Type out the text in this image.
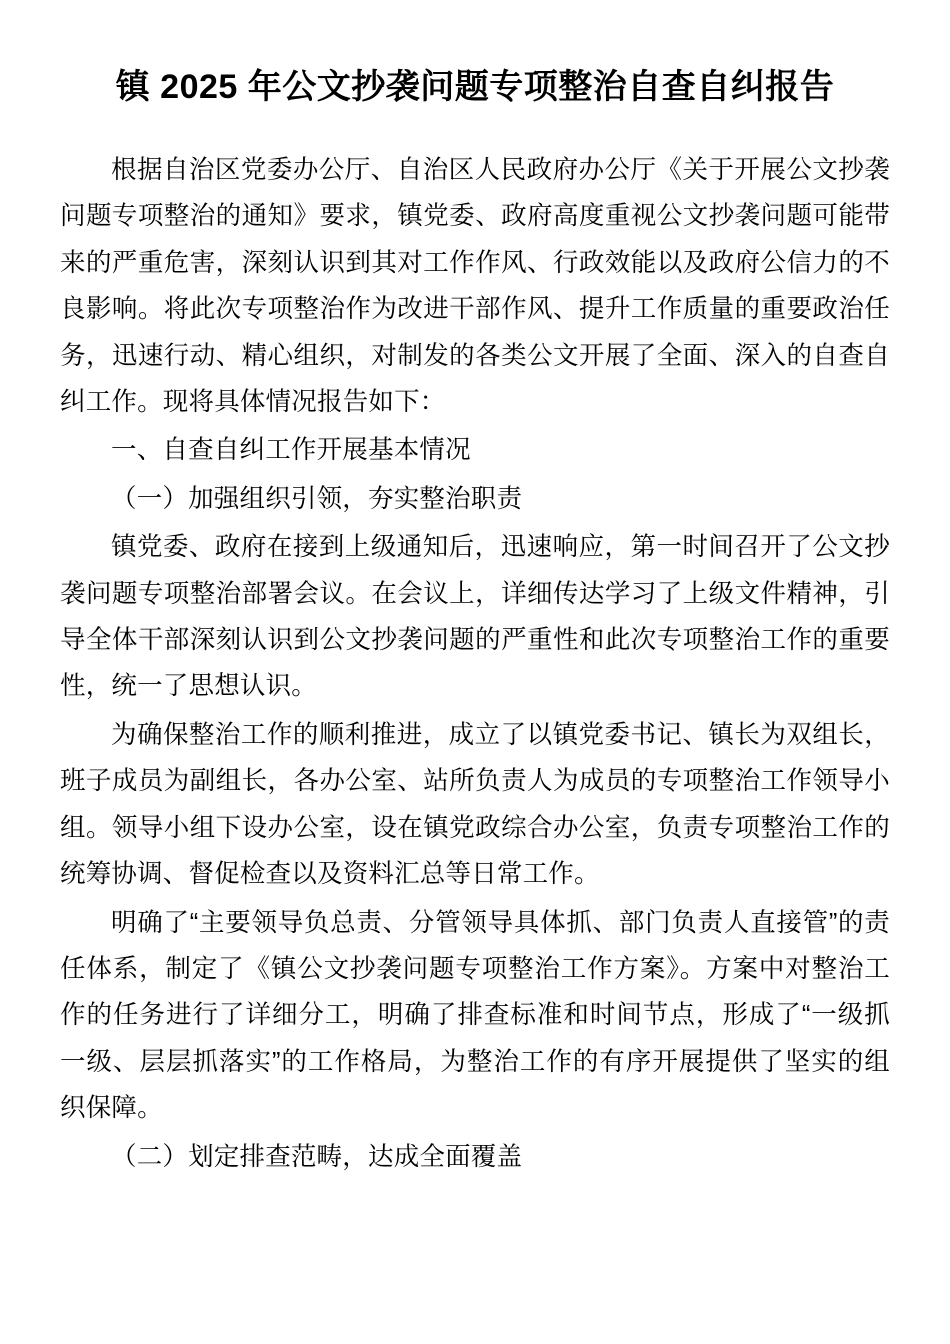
镇 2025 年公文抄袭问题专项整治自查自纠报告

根据自治区党委办公厅、自治区人民政府办公厅《关于开展公文抄袭问题专项整治的通知》要求，镇党委、政府高度重视公文抄袭问题可能带来的严重危害，深刻认识到其对工作作风、行政效能以及政府公信力的不良影响。将此次专项整治作为改进干部作风、提升工作质量的重要政治任务，迅速行动、精心组织，对制发的各类公文开展了全面、深入的自查自纠工作。现将具体情况报告如下：

一、自查自纠工作开展基本情况

（一）加强组织引领，夯实整治职责

镇党委、政府在接到上级通知后，迅速响应，第一时间召开了公文抄袭问题专项整治部署会议。在会议上，详细传达学习了上级文件精神，引导全体干部深刻认识到公文抄袭问题的严重性和此次专项整治工作的重要性，统一了思想认识。

为确保整治工作的顺利推进，成立了以镇党委书记、镇长为双组长，班子成员为副组长，各办公室、站所负责人为成员的专项整治工作领导小组。领导小组下设办公室，设在镇党政综合办公室，负责专项整治工作的统筹协调、督促检查以及资料汇总等日常工作。

明确了“主要领导负总责、分管领导具体抓、部门负责人直接管”的责任体系，制定了《镇公文抄袭问题专项整治工作方案》。方案中对整治工作的任务进行了详细分工，明确了排查标准和时间节点，形成了“一级抓一级、层层抓落实”的工作格局，为整治工作的有序开展提供了坚实的组织保障。

（二）划定排查范畴，达成全面覆盖
